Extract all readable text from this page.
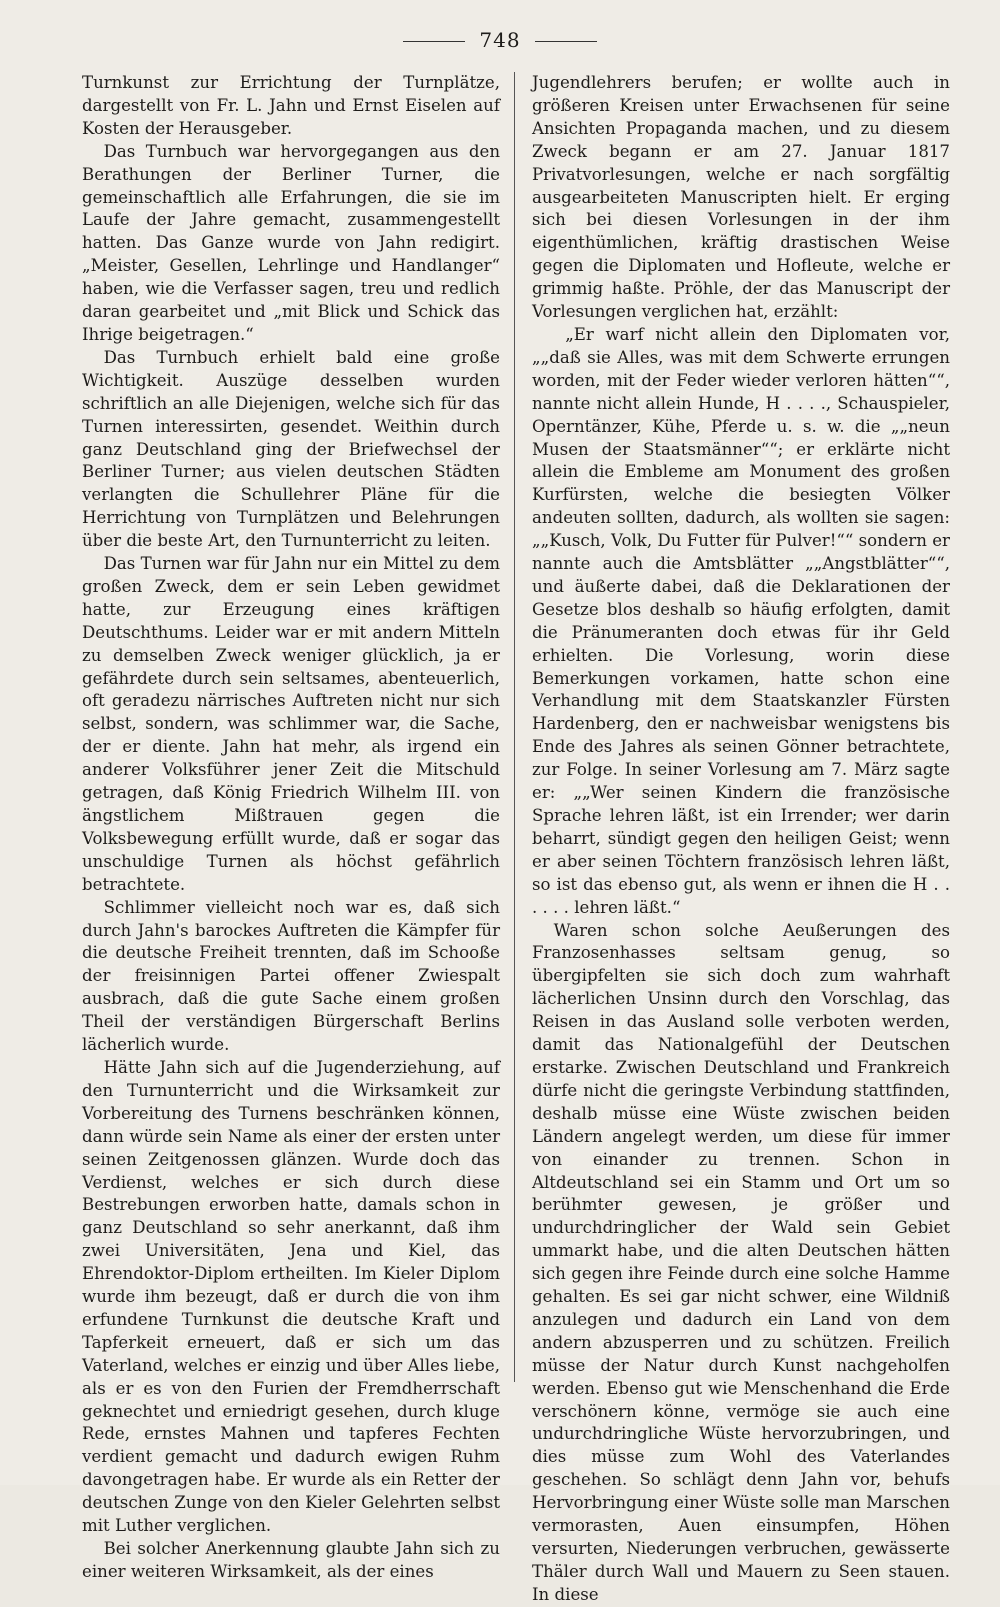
748

Turnkunst zur Errichtung der Turnplätze, dargestellt von Fr. L. Jahn und Ernst Eiselen auf Kosten der Herausgeber.

Das Turnbuch war hervorgegangen aus den Berathungen der Berliner Turner, die gemeinschaftlich alle Erfahrungen, die sie im Laufe der Jahre gemacht, zusammengestellt hatten. Das Ganze wurde von Jahn redigirt. „Meister, Gesellen, Lehrlinge und Handlanger“ haben, wie die Verfasser sagen, treu und redlich daran gearbeitet und „mit Blick und Schick das Ihrige beigetragen.“

Das Turnbuch erhielt bald eine große Wichtigkeit. Auszüge desselben wurden schriftlich an alle Diejenigen, welche sich für das Turnen interessirten, gesendet. Weithin durch ganz Deutschland ging der Briefwechsel der Berliner Turner; aus vielen deutschen Städten verlangten die Schullehrer Pläne für die Herrichtung von Turnplätzen und Belehrungen über die beste Art, den Turnunterricht zu leiten.

Das Turnen war für Jahn nur ein Mittel zu dem großen Zweck, dem er sein Leben gewidmet hatte, zur Erzeugung eines kräftigen Deutschthums. Leider war er mit andern Mitteln zu demselben Zweck weniger glücklich, ja er gefährdete durch sein seltsames, abenteuerlich, oft geradezu närrisches Auftreten nicht nur sich selbst, sondern, was schlimmer war, die Sache, der er diente. Jahn hat mehr, als irgend ein anderer Volksführer jener Zeit die Mitschuld getragen, daß König Friedrich Wilhelm III. von ängstlichem Mißtrauen gegen die Volksbewegung erfüllt wurde, daß er sogar das unschuldige Turnen als höchst gefährlich betrachtete.

Schlimmer vielleicht noch war es, daß sich durch Jahn's barockes Auftreten die Kämpfer für die deutsche Freiheit trennten, daß im Schooße der freisinnigen Partei offener Zwiespalt ausbrach, daß die gute Sache einem großen Theil der verständigen Bürgerschaft Berlins lächerlich wurde.

Hätte Jahn sich auf die Jugenderziehung, auf den Turnunterricht und die Wirksamkeit zur Vorbereitung des Turnens beschränken können, dann würde sein Name als einer der ersten unter seinen Zeitgenossen glänzen. Wurde doch das Verdienst, welches er sich durch diese Bestrebungen erworben hatte, damals schon in ganz Deutschland so sehr anerkannt, daß ihm zwei Universitäten, Jena und Kiel, das Ehrendoktor-Diplom ertheilten. Im Kieler Diplom wurde ihm bezeugt, daß er durch die von ihm erfundene Turnkunst die deutsche Kraft und Tapferkeit erneuert, daß er sich um das Vaterland, welches er einzig und über Alles liebe, als er es von den Furien der Fremdherrschaft geknechtet und erniedrigt gesehen, durch kluge Rede, ernstes Mahnen und tapferes Fechten verdient gemacht und dadurch ewigen Ruhm davongetragen habe. Er wurde als ein Retter der deutschen Zunge von den Kieler Gelehrten selbst mit Luther verglichen.

Bei solcher Anerkennung glaubte Jahn sich zu einer weiteren Wirksamkeit, als der eines

Jugendlehrers berufen; er wollte auch in größeren Kreisen unter Erwachsenen für seine Ansichten Propaganda machen, und zu diesem Zweck begann er am 27. Januar 1817 Privatvorlesungen, welche er nach sorgfältig ausgearbeiteten Manuscripten hielt. Er erging sich bei diesen Vorlesungen in der ihm eigenthümlichen, kräftig drastischen Weise gegen die Diplomaten und Hofleute, welche er grimmig haßte. Pröhle, der das Manuscript der Vorlesungen verglichen hat, erzählt:

„Er warf nicht allein den Diplomaten vor, „„daß sie Alles, was mit dem Schwerte errungen worden, mit der Feder wieder verloren hätten““, nannte nicht allein Hunde, H . . . ., Schauspieler, Operntänzer, Kühe, Pferde u. s. w. die „„neun Musen der Staatsmänner““; er erklärte nicht allein die Embleme am Monument des großen Kurfürsten, welche die besiegten Völker andeuten sollten, dadurch, als wollten sie sagen: „„Kusch, Volk, Du Futter für Pulver!““ sondern er nannte auch die Amtsblätter „„Angstblätter““, und äußerte dabei, daß die Deklarationen der Gesetze blos deshalb so häufig erfolgten, damit die Pränumeranten doch etwas für ihr Geld erhielten. Die Vorlesung, worin diese Bemerkungen vorkamen, hatte schon eine Verhandlung mit dem Staatskanzler Fürsten Hardenberg, den er nachweisbar wenigstens bis Ende des Jahres als seinen Gönner betrachtete, zur Folge. In seiner Vorlesung am 7. März sagte er: „„Wer seinen Kindern die französische Sprache lehren läßt, ist ein Irrender; wer darin beharrt, sündigt gegen den heiligen Geist; wenn er aber seinen Töchtern französisch lehren läßt, so ist das ebenso gut, als wenn er ihnen die H . . . . . . lehren läßt.“

Waren schon solche Aeußerungen des Franzosenhasses seltsam genug, so übergipfelten sie sich doch zum wahrhaft lächerlichen Unsinn durch den Vorschlag, das Reisen in das Ausland solle verboten werden, damit das Nationalgefühl der Deutschen erstarke. Zwischen Deutschland und Frankreich dürfe nicht die geringste Verbindung stattfinden, deshalb müsse eine Wüste zwischen beiden Ländern angelegt werden, um diese für immer von einander zu trennen. Schon in Altdeutschland sei ein Stamm und Ort um so berühmter gewesen, je größer und undurchdringlicher der Wald sein Gebiet ummarkt habe, und die alten Deutschen hätten sich gegen ihre Feinde durch eine solche Hamme gehalten. Es sei gar nicht schwer, eine Wildniß anzulegen und dadurch ein Land von dem andern abzusperren und zu schützen. Freilich müsse der Natur durch Kunst nachgeholfen werden. Ebenso gut wie Menschenhand die Erde verschönern könne, vermöge sie auch eine undurchdringliche Wüste hervorzubringen, und dies müsse zum Wohl des Vaterlandes geschehen. So schlägt denn Jahn vor, behufs Hervorbringung einer Wüste solle man Marschen vermorasten, Auen einsumpfen, Höhen versurten, Niederungen verbruchen, gewässerte Thäler durch Wall und Mauern zu Seen stauen. In diese
